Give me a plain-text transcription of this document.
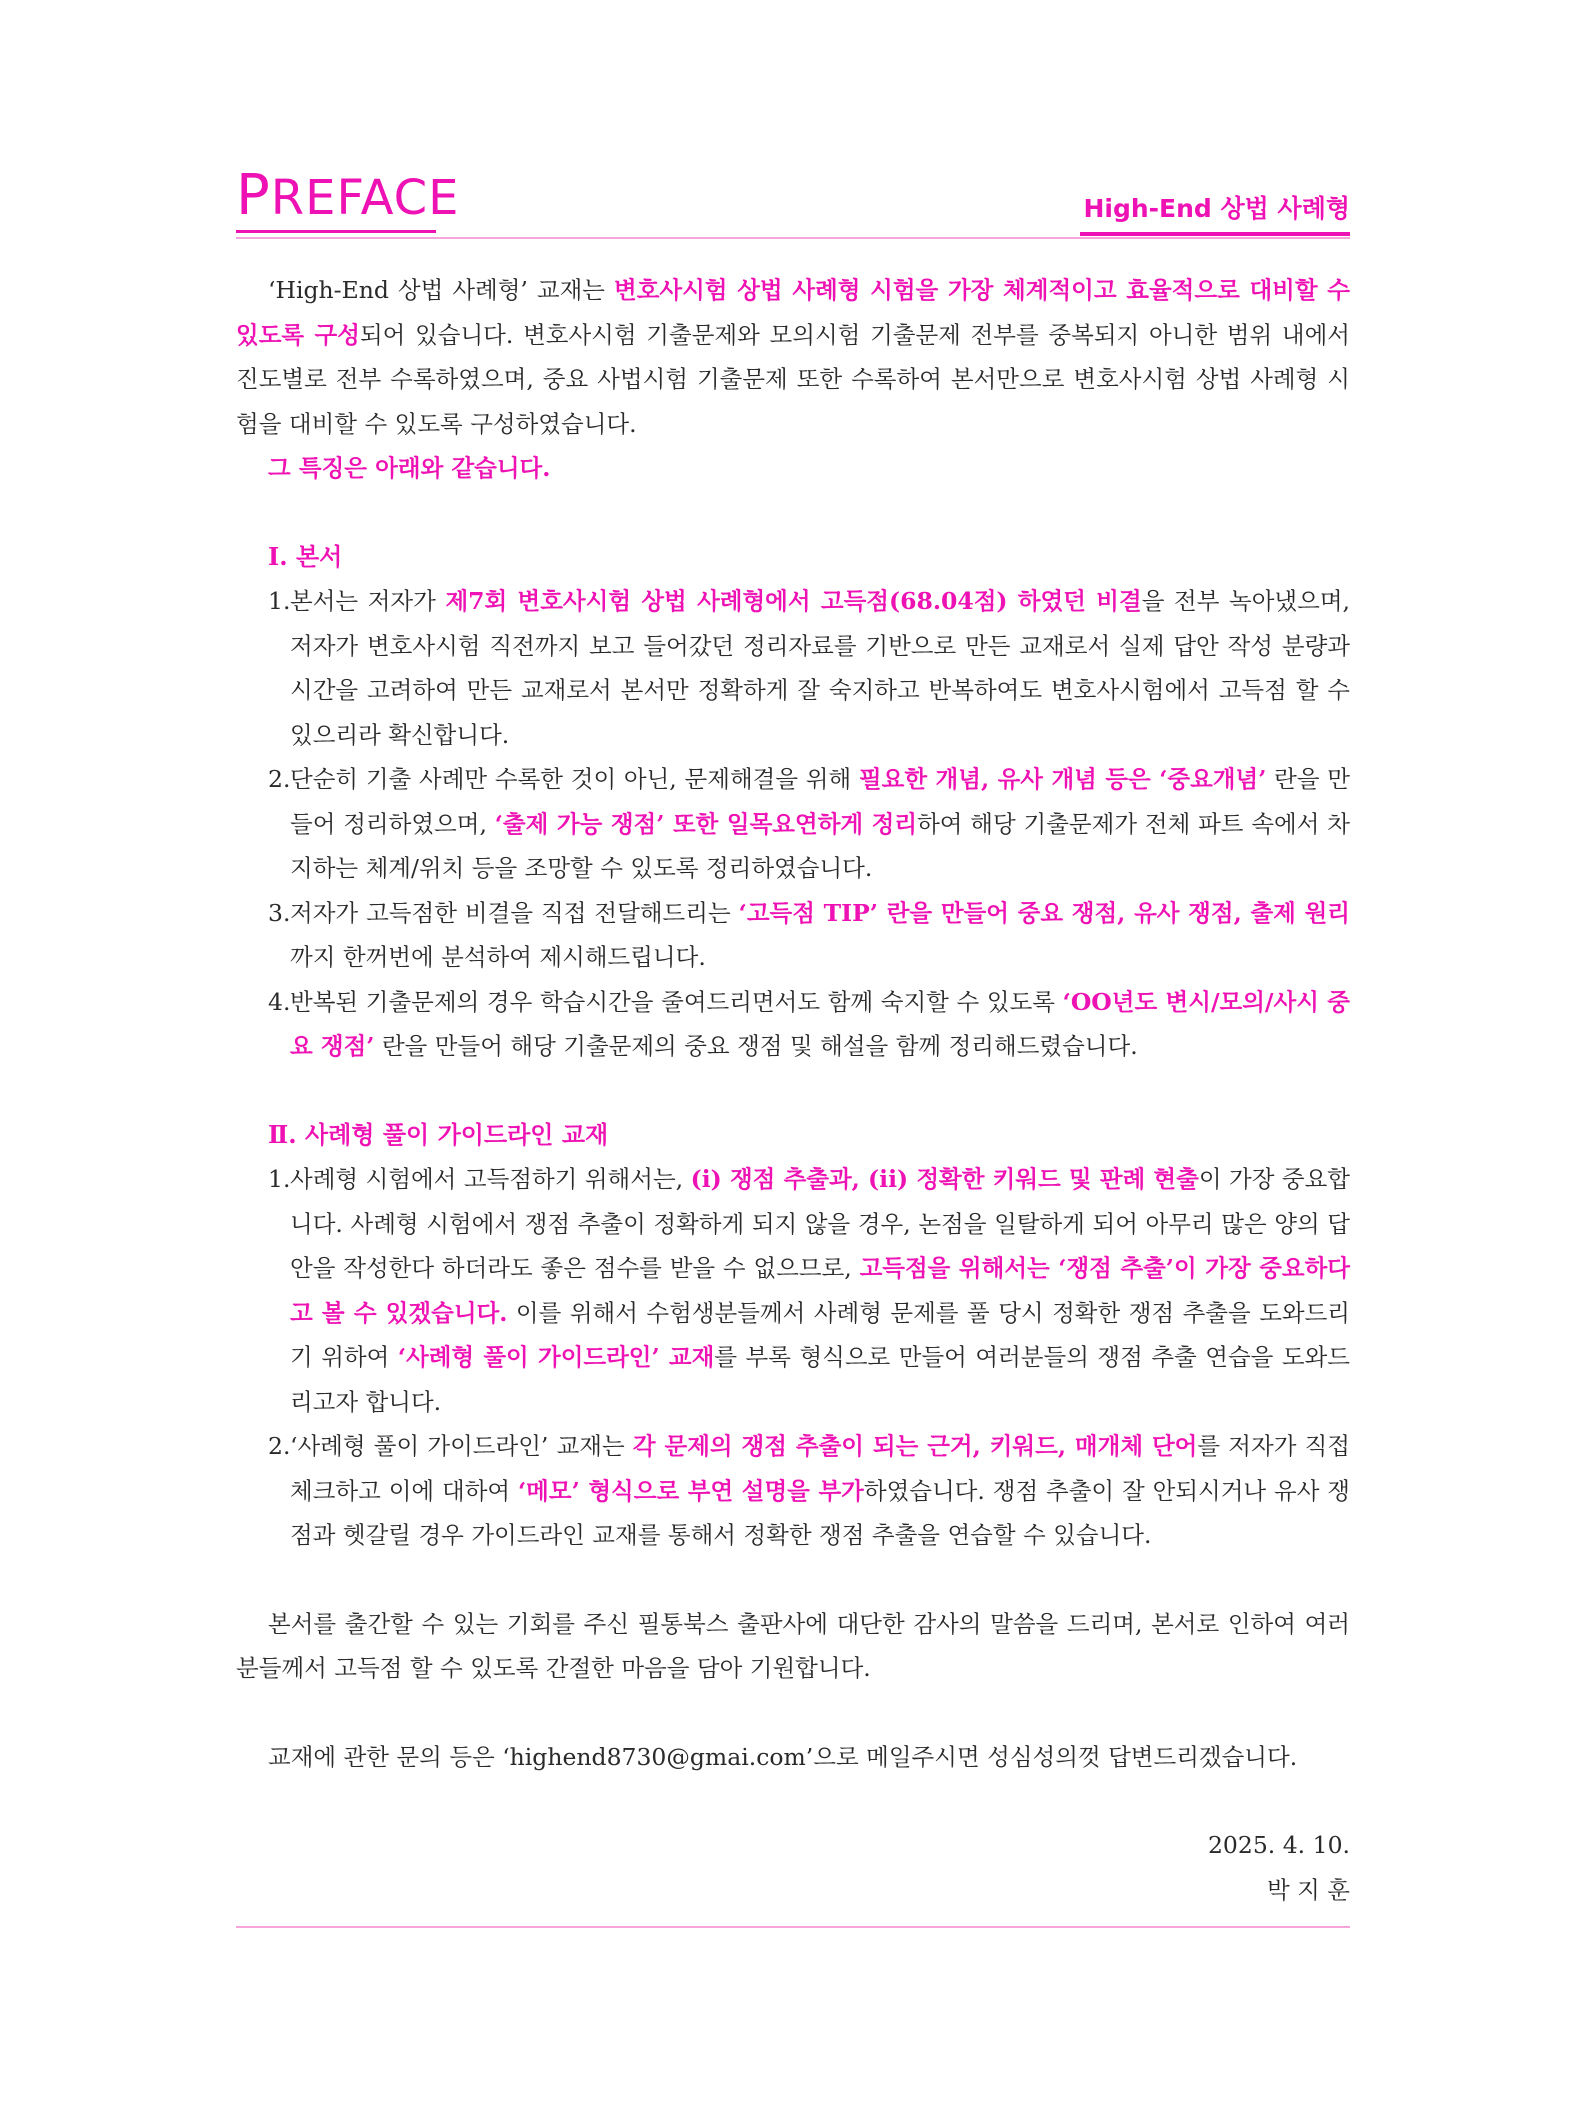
PREFACE	High-End 상법 사례형

‘High-End 상법 사례형’ 교재는 변호사시험 상법 사례형 시험을 가장 체계적이고 효율적으로 대비할 수 있도록 구성되어 있습니다. 변호사시험 기출문제와 모의시험 기출문제 전부를 중복되지 아니한 범위 내에서 진도별로 전부 수록하였으며, 중요 사법시험 기출문제 또한 수록하여 본서만으로 변호사시험 상법 사례형 시험을 대비할 수 있도록 구성하였습니다.

그 특징은 아래와 같습니다.

Ⅰ. 본서
1. 본서는 저자가 제7회 변호사시험 상법 사례형에서 고득점(68.04점) 하였던 비결을 전부 녹아냈으며, 저자가 변호사시험 직전까지 보고 들어갔던 정리자료를 기반으로 만든 교재로서 실제 답안 작성 분량과 시간을 고려하여 만든 교재로서 본서만 정확하게 잘 숙지하고 반복하여도 변호사시험에서 고득점 할 수 있으리라 확신합니다.
2. 단순히 기출 사례만 수록한 것이 아닌, 문제해결을 위해 필요한 개념, 유사 개념 등은 ‘중요개념’ 란을 만들어 정리하였으며, ‘출제 가능 쟁점’ 또한 일목요연하게 정리하여 해당 기출문제가 전체 파트 속에서 차지하는 체계/위치 등을 조망할 수 있도록 정리하였습니다.
3. 저자가 고득점한 비결을 직접 전달해드리는 ‘고득점 TIP’ 란을 만들어 중요 쟁점, 유사 쟁점, 출제 원리까지 한꺼번에 분석하여 제시해드립니다.
4. 반복된 기출문제의 경우 학습시간을 줄여드리면서도 함께 숙지할 수 있도록 ‘OO년도 변시/모의/사시 중요 쟁점’ 란을 만들어 해당 기출문제의 중요 쟁점 및 해설을 함께 정리해드렸습니다.
Ⅱ. 사례형 풀이 가이드라인 교재
1. 사례형 시험에서 고득점하기 위해서는, (i) 쟁점 추출과, (ii) 정확한 키워드 및 판례 현출이 가장 중요합니다. 사례형 시험에서 쟁점 추출이 정확하게 되지 않을 경우, 논점을 일탈하게 되어 아무리 많은 양의 답안을 작성한다 하더라도 좋은 점수를 받을 수 없으므로, 고득점을 위해서는 ‘쟁점 추출’이 가장 중요하다고 볼 수 있겠습니다. 이를 위해서 수험생분들께서 사례형 문제를 풀 당시 정확한 쟁점 추출을 도와드리기 위하여 ‘사례형 풀이 가이드라인’ 교재를 부록 형식으로 만들어 여러분들의 쟁점 추출 연습을 도와드리고자 합니다.
2. ‘사례형 풀이 가이드라인’ 교재는 각 문제의 쟁점 추출이 되는 근거, 키워드, 매개체 단어를 저자가 직접 체크하고 이에 대하여 ‘메모’ 형식으로 부연 설명을 부가하였습니다. 쟁점 추출이 잘 안되시거나 유사 쟁점과 헷갈릴 경우 가이드라인 교재를 통해서 정확한 쟁점 추출을 연습할 수 있습니다.

본서를 출간할 수 있는 기회를 주신 필통북스 출판사에 대단한 감사의 말씀을 드리며, 본서로 인하여 여러분들께서 고득점 할 수 있도록 간절한 마음을 담아 기원합니다.

교재에 관한 문의 등은 ‘highend8730@gmai.com’으로 메일주시면 성심성의껏 답변드리겠습니다.

2025. 4. 10.

박 지 훈
